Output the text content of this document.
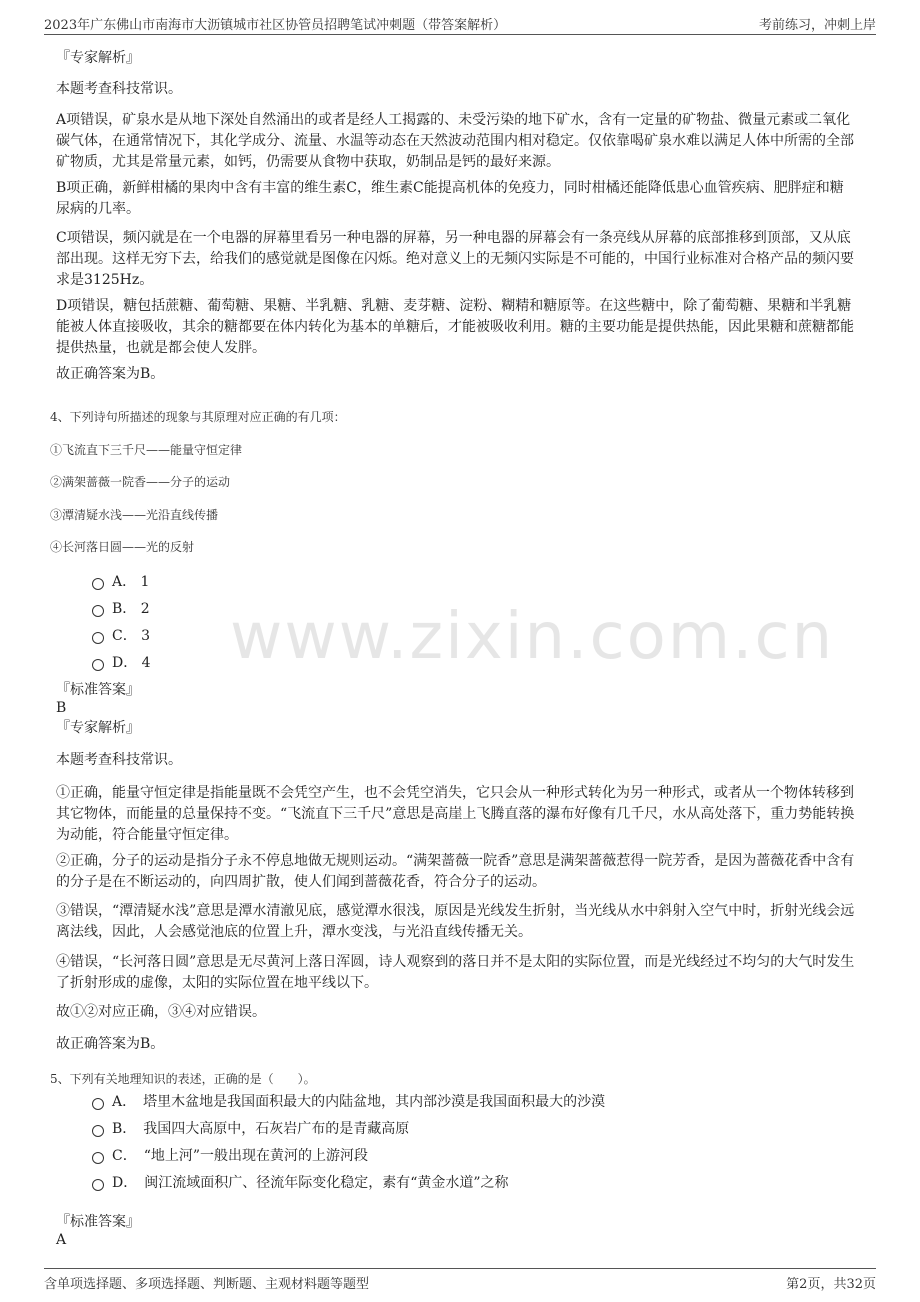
2023年广东佛山市南海市大沥镇城市社区协管员招聘笔试冲刺题（带答案解析）	考前练习，冲刺上岸
www.zixin.com.cn

『专家解析』

本题考查科技常识。

A项错误，矿泉水是从地下深处自然涌出的或者是经人工揭露的、未受污染的地下矿水，含有一定量的矿物盐、微量元素或二氧化碳气体，在通常情况下，其化学成分、流量、水温等动态在天然波动范围内相对稳定。仅依靠喝矿泉水难以满足人体中所需的全部矿物质，尤其是常量元素，如钙，仍需要从食物中获取，奶制品是钙的最好来源。

B项正确，新鲜柑橘的果肉中含有丰富的维生素C，维生素C能提高机体的免疫力，同时柑橘还能降低患心血管疾病、肥胖症和糖尿病的几率。

C项错误，频闪就是在一个电器的屏幕里看另一种电器的屏幕，另一种电器的屏幕会有一条亮线从屏幕的底部推移到顶部，又从底部出现。这样无穷下去，给我们的感觉就是图像在闪烁。绝对意义上的无频闪实际是不可能的，中国行业标准对合格产品的频闪要求是3125Hz。

D项错误，糖包括蔗糖、葡萄糖、果糖、半乳糖、乳糖、麦芽糖、淀粉、糊精和糖原等。在这些糖中，除了葡萄糖、果糖和半乳糖能被人体直接吸收，其余的糖都要在体内转化为基本的单糖后，才能被吸收利用。糖的主要功能是提供热能，因此果糖和蔗糖都能提供热量，也就是都会使人发胖。

故正确答案为B。

4、下列诗句所描述的现象与其原理对应正确的有几项：

①飞流直下三千尺——能量守恒定律

②满架蔷薇一院香——分子的运动

③潭清疑水浅——光沿直线传播

④长河落日圆——光的反射

A． 1
B． 2
C． 3
D． 4

『标准答案』

B

『专家解析』

本题考查科技常识。

①正确，能量守恒定律是指能量既不会凭空产生，也不会凭空消失，它只会从一种形式转化为另一种形式，或者从一个物体转移到其它物体，而能量的总量保持不变。“飞流直下三千尺”意思是高崖上飞腾直落的瀑布好像有几千尺，水从高处落下，重力势能转换为动能，符合能量守恒定律。

②正确，分子的运动是指分子永不停息地做无规则运动。“满架蔷薇一院香”意思是满架蔷薇惹得一院芳香，是因为蔷薇花香中含有的分子是在不断运动的，向四周扩散，使人们闻到蔷薇花香，符合分子的运动。

③错误，“潭清疑水浅”意思是潭水清澈见底，感觉潭水很浅，原因是光线发生折射，当光线从水中斜射入空气中时，折射光线会远离法线，因此，人会感觉池底的位置上升，潭水变浅，与光沿直线传播无关。

④错误，“长河落日圆”意思是无尽黄河上落日浑圆，诗人观察到的落日并不是太阳的实际位置，而是光线经过不均匀的大气时发生了折射形成的虚像，太阳的实际位置在地平线以下。

故①②对应正确，③④对应错误。

故正确答案为B。

5、下列有关地理知识的表述，正确的是（　　）。

A．　塔里木盆地是我国面积最大的内陆盆地，其内部沙漠是我国面积最大的沙漠
B．　我国四大高原中，石灰岩广布的是青藏高原
C．　“地上河”一般出现在黄河的上游河段
D．　闽江流域面积广、径流年际变化稳定，素有“黄金水道”之称

『标准答案』

A

含单项选择题、多项选择题、判断题、主观材料题等题型	第2页，共32页
